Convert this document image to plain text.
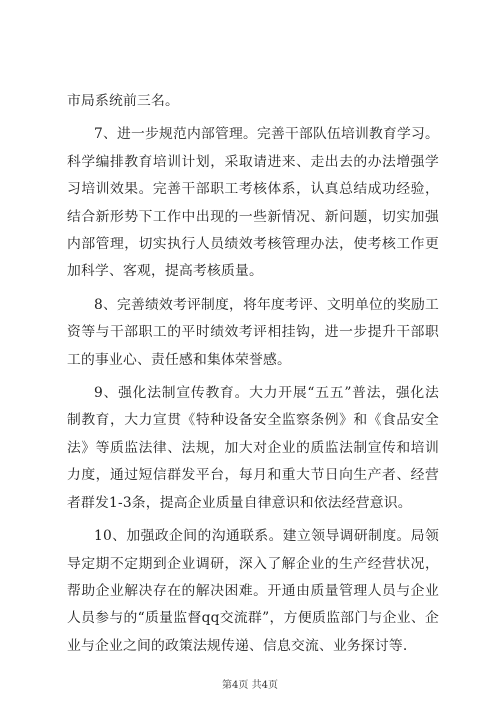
市局系统前三名。

7、进一步规范内部管理。完善干部队伍培训教育学习。科学编排教育培训计划，采取请进来、走出去的办法增强学习培训效果。完善干部职工考核体系，认真总结成功经验，结合新形势下工作中出现的一些新情况、新问题，切实加强内部管理，切实执行人员绩效考核管理办法，使考核工作更加科学、客观，提高考核质量。

8、完善绩效考评制度，将年度考评、文明单位的奖励工资等与干部职工的平时绩效考评相挂钩，进一步提升干部职工的事业心、责任感和集体荣誉感。

9、强化法制宣传教育。大力开展“五五”普法，强化法制教育，大力宣贯《特种设备安全监察条例》和《食品安全法》等质监法律、法规，加大对企业的质监法制宣传和培训力度，通过短信群发平台，每月和重大节日向生产者、经营者群发1-3条，提高企业质量自律意识和依法经营意识。

10、加强政企间的沟通联系。建立领导调研制度。局领导定期不定期到企业调研，深入了解企业的生产经营状况，帮助企业解决存在的解决困难。开通由质量管理人员与企业人员参与的“质量监督qq交流群”，方便质监部门与企业、企业与企业之间的政策法规传递、信息交流、业务探讨等.

第4页 共4页
